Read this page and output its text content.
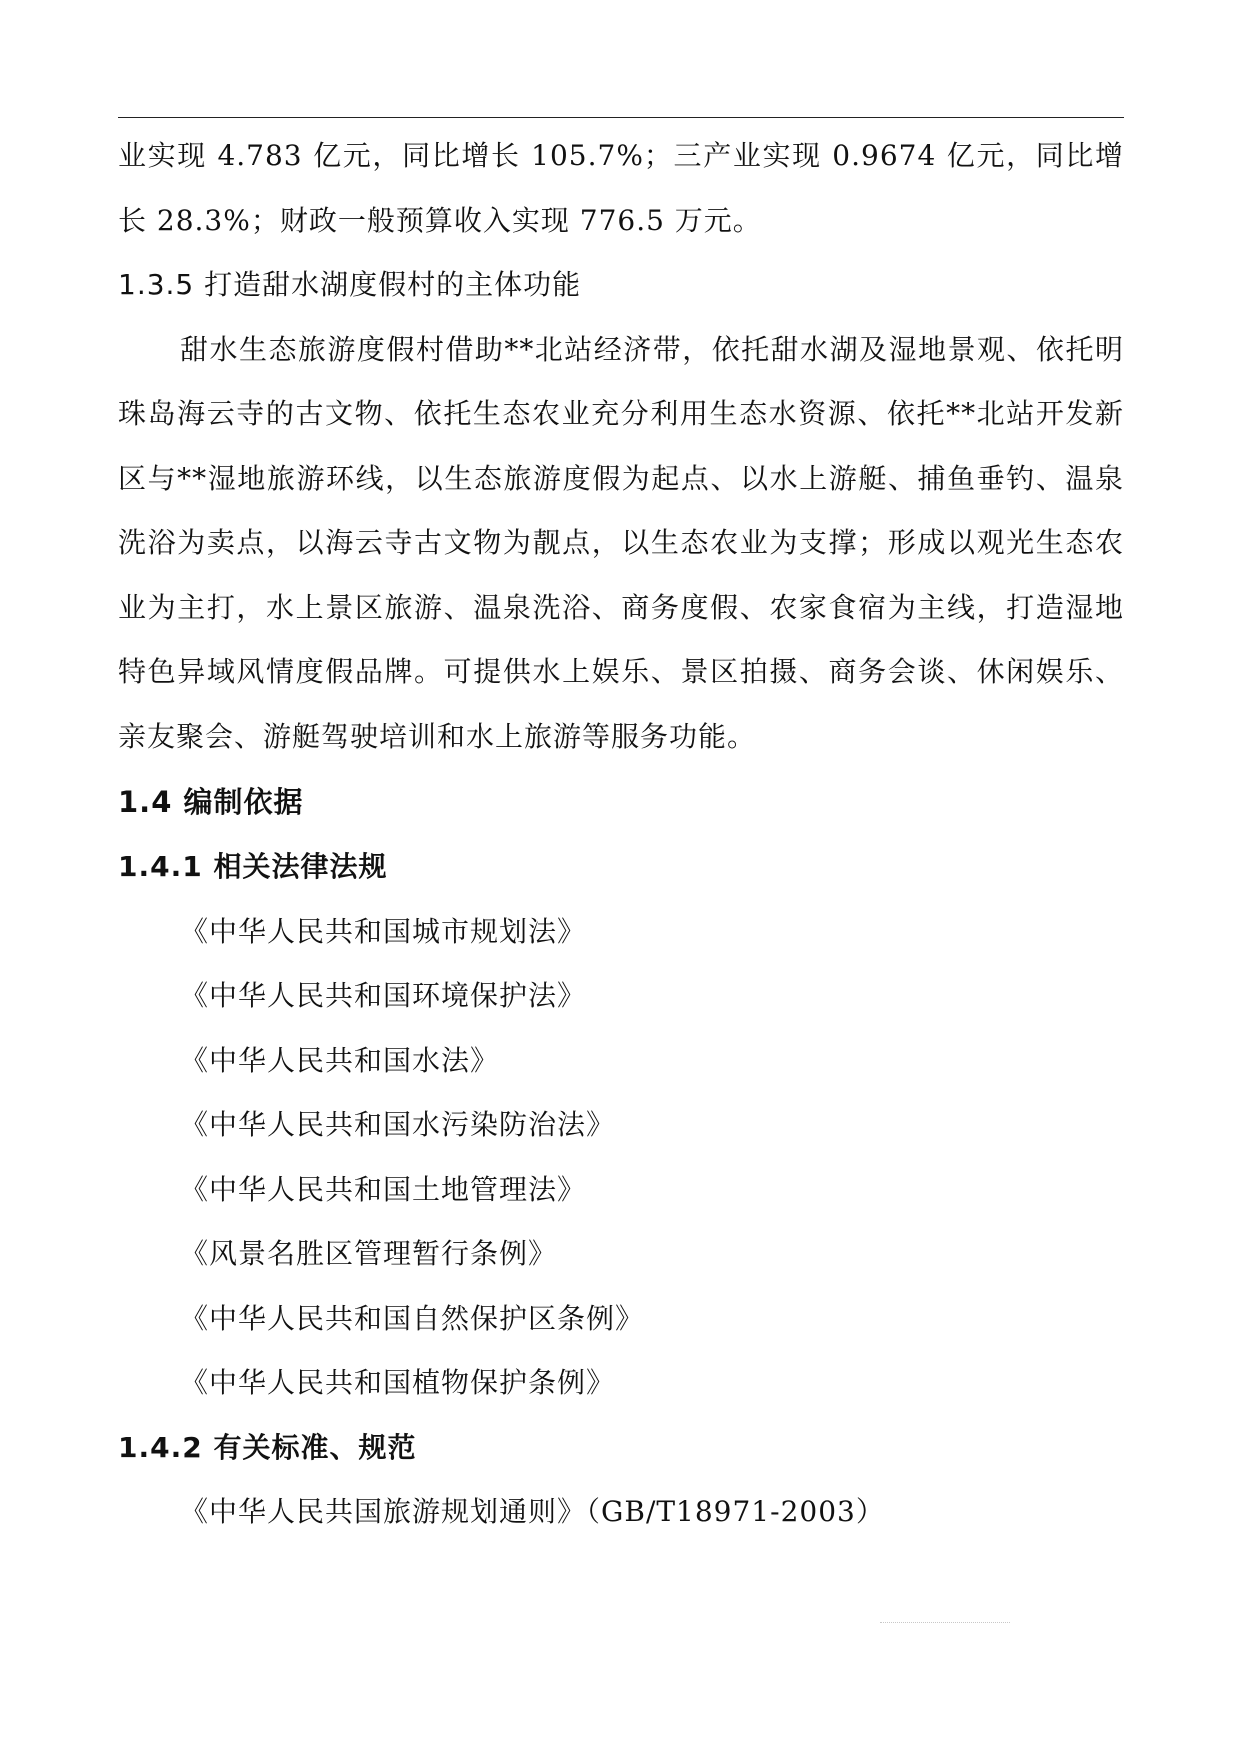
业实现 4.783 亿元，同比增长 105.7%；三产业实现 0.9674 亿元，同比增长 28.3%；财政一般预算收入实现 776.5 万元。

1.3.5 打造甜水湖度假村的主体功能

甜水生态旅游度假村借助**北站经济带，依托甜水湖及湿地景观、依托明珠岛海云寺的古文物、依托生态农业充分利用生态水资源、依托**北站开发新区与**湿地旅游环线，以生态旅游度假为起点、以水上游艇、捕鱼垂钓、温泉洗浴为卖点，以海云寺古文物为靓点，以生态农业为支撑；形成以观光生态农业为主打，水上景区旅游、温泉洗浴、商务度假、农家食宿为主线，打造湿地特色异域风情度假品牌。可提供水上娱乐、景区拍摄、商务会谈、休闲娱乐、亲友聚会、游艇驾驶培训和水上旅游等服务功能。

1.4 编制依据
1.4.1 相关法律法规
《中华人民共和国城市规划法》
《中华人民共和国环境保护法》
《中华人民共和国水法》
《中华人民共和国水污染防治法》
《中华人民共和国土地管理法》
《风景名胜区管理暂行条例》
《中华人民共和国自然保护区条例》
《中华人民共和国植物保护条例》
1.4.2 有关标准、规范
《中华人民共国旅游规划通则》（GB/T18971-2003）
